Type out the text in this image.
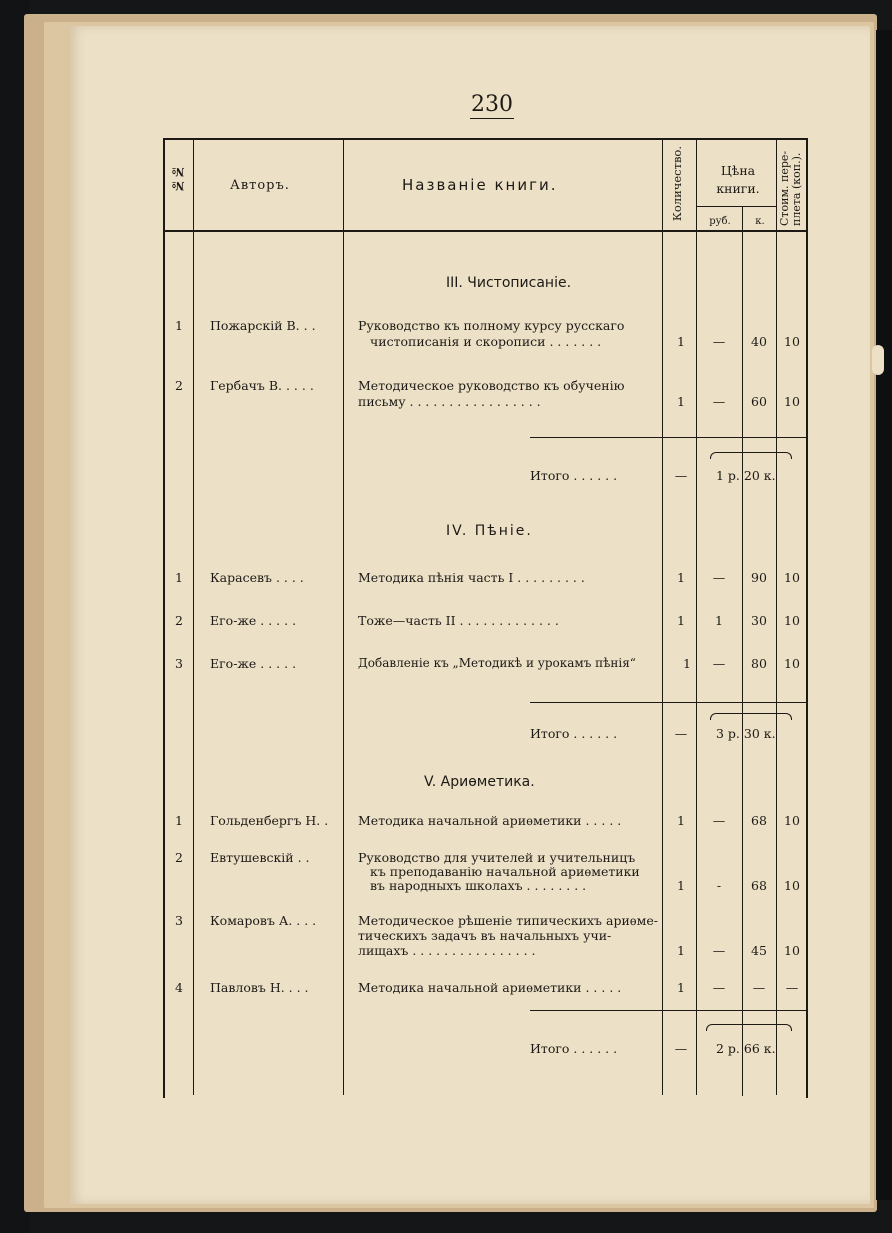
230
№№	Авторъ.	Названіе книги.	Количество.	Цѣна книги.
руб.	к.	Стоим. пере-плета (коп.).
III. Чистописаніе.
1	Пожарскій В. . .	Руководство къ полному курсу русскаго
чистописанія и скорописи . . . . . . .	1	—	40	10
2	Гербачъ В. . . . .	Методическое руководство къ обученію
письму . . . . . . . . . . . . . . . . .	1	—	60	10
Итого . . . . . .	—	1 р. 20 к.
IV. Пѣніе.
1	Карасевъ . . . .	Методика пѣнія часть I . . . . . . . . .	1	—	90	10
2	Его-же . . . . .	Тоже—часть II . . . . . . . . . . . . .	1	1	30	10
3	Его-же . . . . .	Добавленіе къ „Методикѣ и урокамъ пѣнія“	1	—	80	10
Итого . . . . . .	—	3 р. 30 к.
V. Ариѳметика.
1	Гольденбергъ Н. . Методика начальной ариѳметики . . . . .	1	—	68	10
2	Евтушевскій . .	Руководство для учителей и учительницъ
къ преподаванію начальной ариѳметики
въ народныхъ школахъ . . . . . . . .	1	-	68	10
3	Комаровъ А. . . .	Методическое рѣшеніе типическихъ ариѳме-
тическихъ задачъ въ начальныхъ учи-
лищахъ . . . . . . . . . . . . . . . .	1	—	45	10
4	Павловъ Н. . . .	Методика начальной ариѳметики . . . . .	1	—	—	—
Итого . . . . . .	—	2 р. 66 к.
